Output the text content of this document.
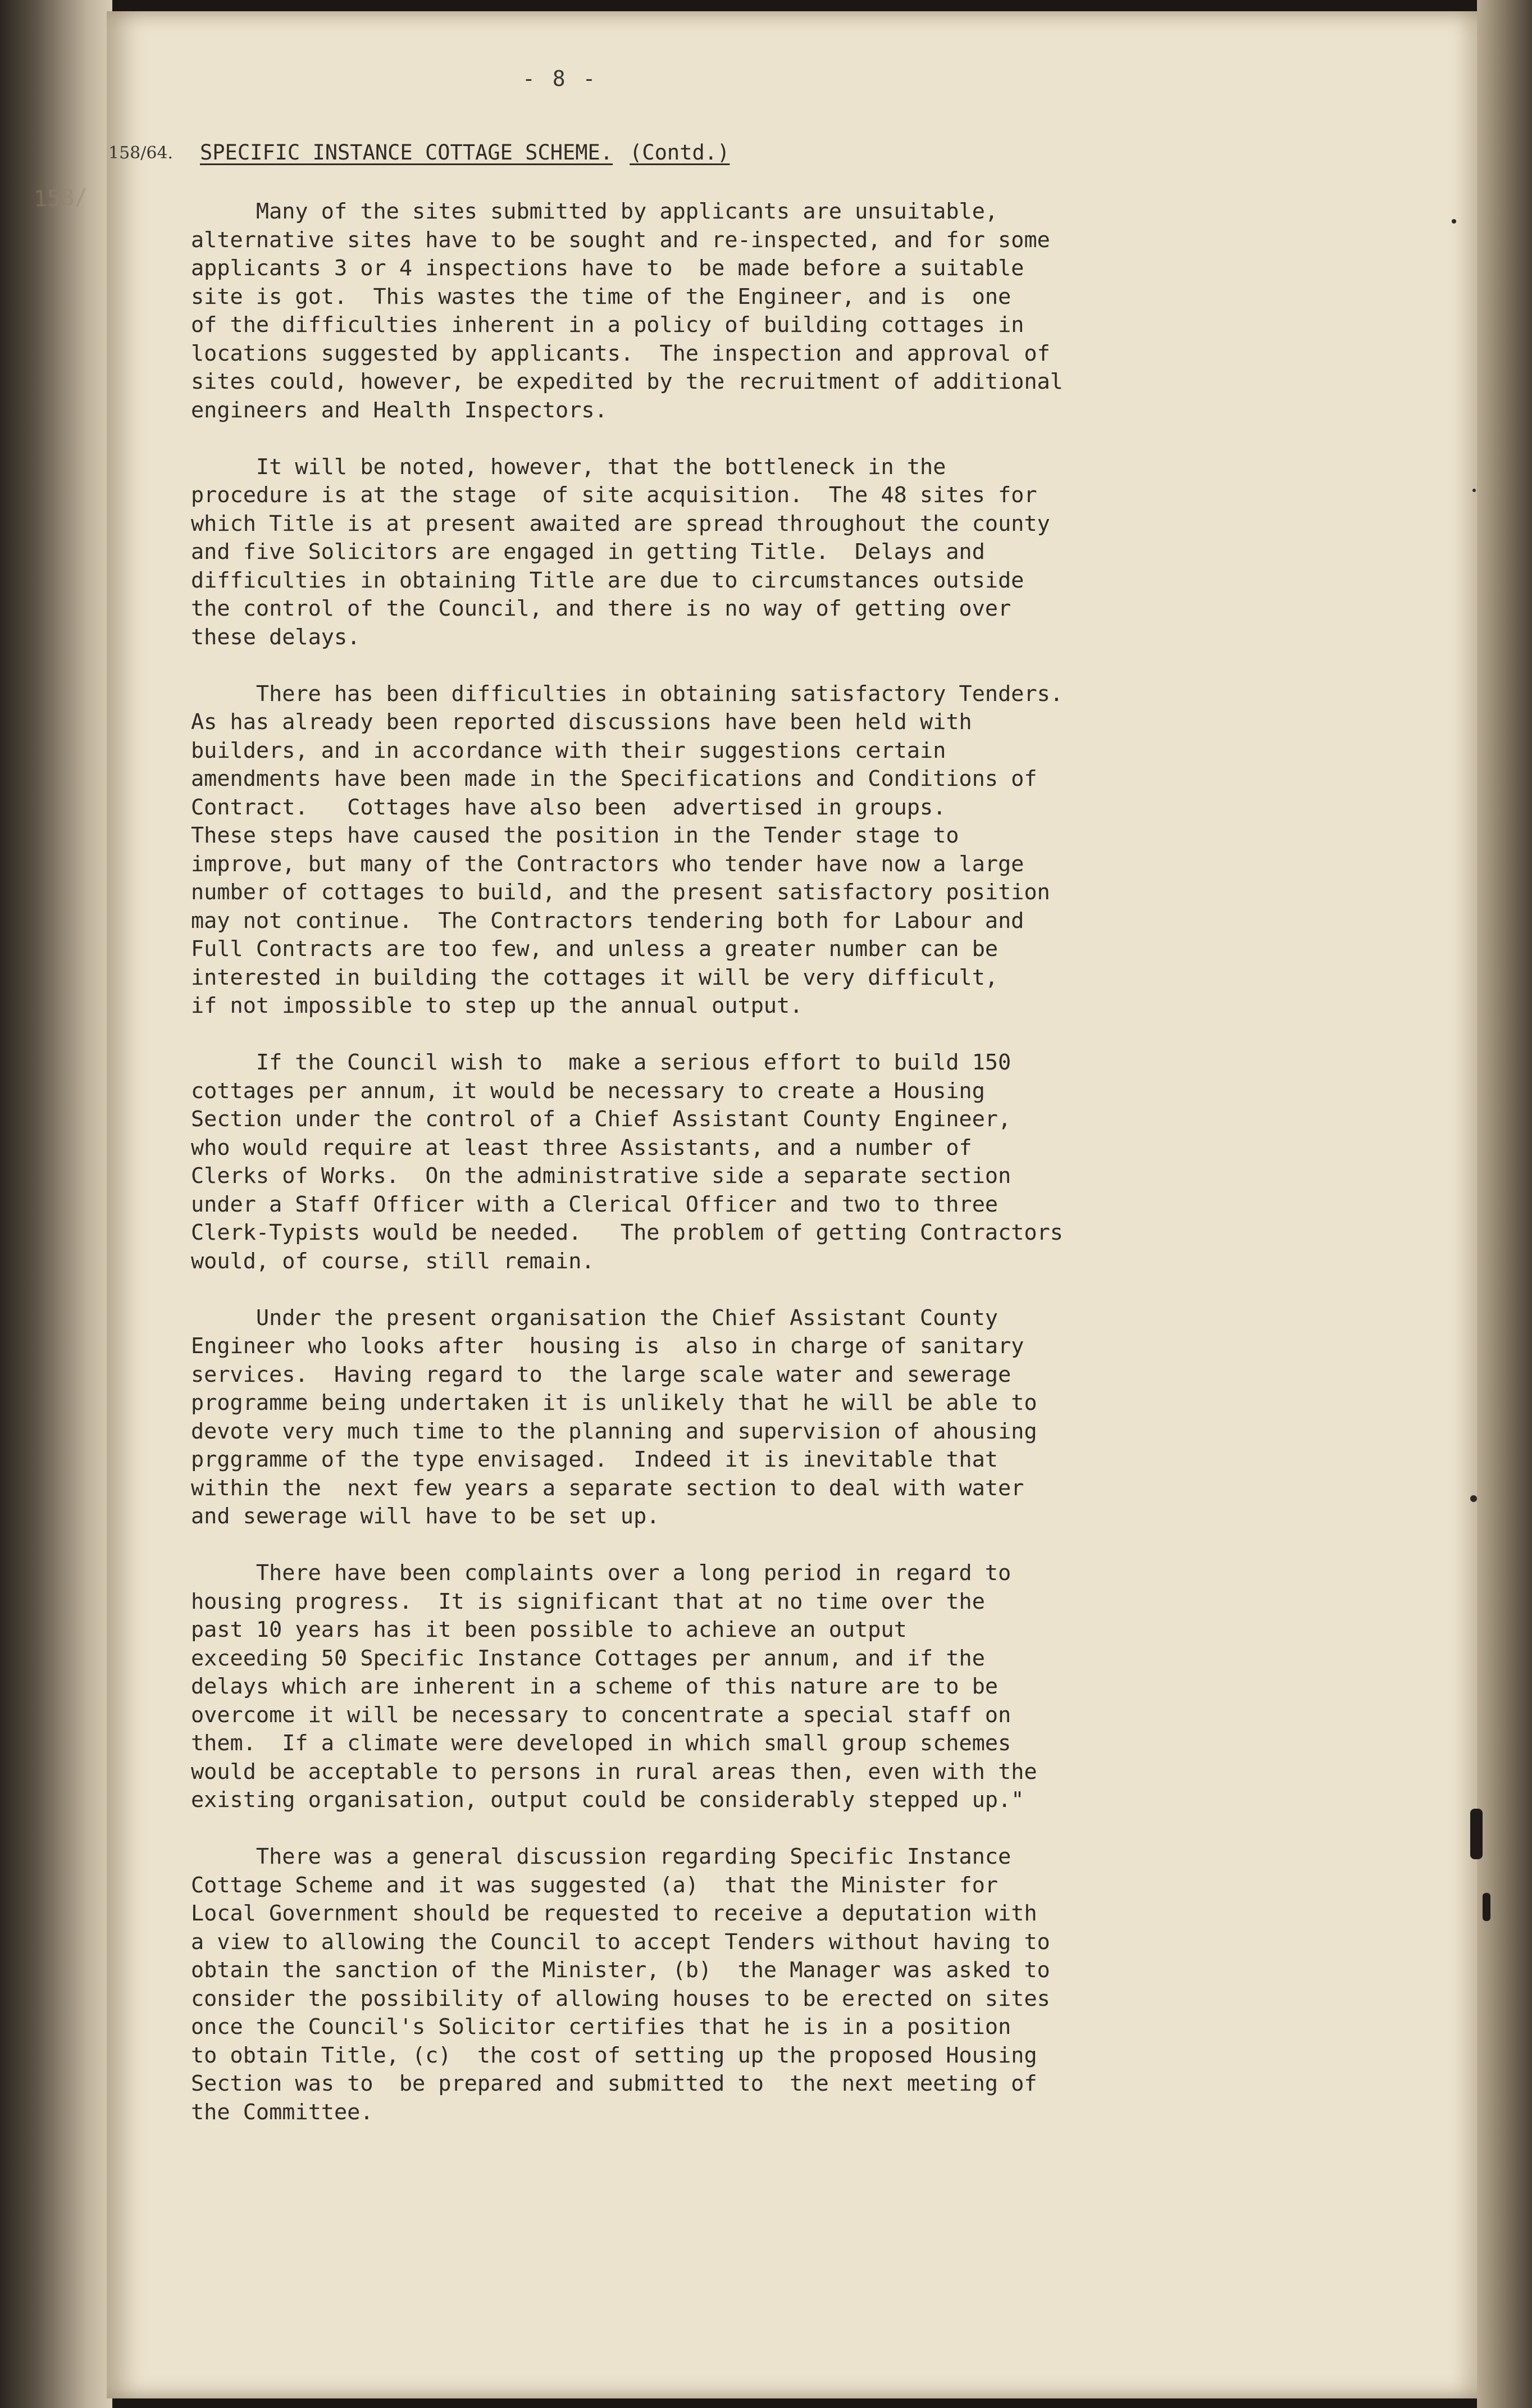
158/
- 8 -
158/64. SPECIFIC INSTANCE COTTAGE SCHEME. (Contd.)
Many of the sites submitted by applicants are unsuitable,
alternative sites have to be sought and re-inspected, and for some
applicants 3 or 4 inspections have to  be made before a suitable
site is got.  This wastes the time of the Engineer, and is  one
of the difficulties inherent in a policy of building cottages in
locations suggested by applicants.  The inspection and approval of
sites could, however, be expedited by the recruitment of additional
engineers and Health Inspectors.
It will be noted, however, that the bottleneck in the
procedure is at the stage  of site acquisition.  The 48 sites for
which Title is at present awaited are spread throughout the county
and five Solicitors are engaged in getting Title.  Delays and
difficulties in obtaining Title are due to circumstances outside
the control of the Council, and there is no way of getting over
these delays.
There has been difficulties in obtaining satisfactory Tenders.
As has already been reported discussions have been held with
builders, and in accordance with their suggestions certain
amendments have been made in the Specifications and Conditions of
Contract.   Cottages have also been  advertised in groups.
These steps have caused the position in the Tender stage to
improve, but many of the Contractors who tender have now a large
number of cottages to build, and the present satisfactory position
may not continue.  The Contractors tendering both for Labour and
Full Contracts are too few, and unless a greater number can be
interested in building the cottages it will be very difficult,
if not impossible to step up the annual output.
If the Council wish to  make a serious effort to build 150
cottages per annum, it would be necessary to create a Housing
Section under the control of a Chief Assistant County Engineer,
who would require at least three Assistants, and a number of
Clerks of Works.  On the administrative side a separate section
under a Staff Officer with a Clerical Officer and two to three
Clerk-Typists would be needed.   The problem of getting Contractors
would, of course, still remain.
Under the present organisation the Chief Assistant County
Engineer who looks after  housing is  also in charge of sanitary
services.  Having regard to  the large scale water and sewerage
programme being undertaken it is unlikely that he will be able to
devote very much time to the planning and supervision of ahousing
prggramme of the type envisaged.  Indeed it is inevitable that
within the  next few years a separate section to deal with water
and sewerage will have to be set up.
There have been complaints over a long period in regard to
housing progress.  It is significant that at no time over the
past 10 years has it been possible to achieve an output
exceeding 50 Specific Instance Cottages per annum, and if the
delays which are inherent in a scheme of this nature are to be
overcome it will be necessary to concentrate a special staff on
them.  If a climate were developed in which small group schemes
would be acceptable to persons in rural areas then, even with the
existing organisation, output could be considerably stepped up."
There was a general discussion regarding Specific Instance
Cottage Scheme and it was suggested (a)  that the Minister for
Local Government should be requested to receive a deputation with
a view to allowing the Council to accept Tenders without having to
obtain the sanction of the Minister, (b)  the Manager was asked to
consider the possibility of allowing houses to be erected on sites
once the Council's Solicitor certifies that he is in a position
to obtain Title, (c)  the cost of setting up the proposed Housing
Section was to  be prepared and submitted to  the next meeting of
the Committee.
